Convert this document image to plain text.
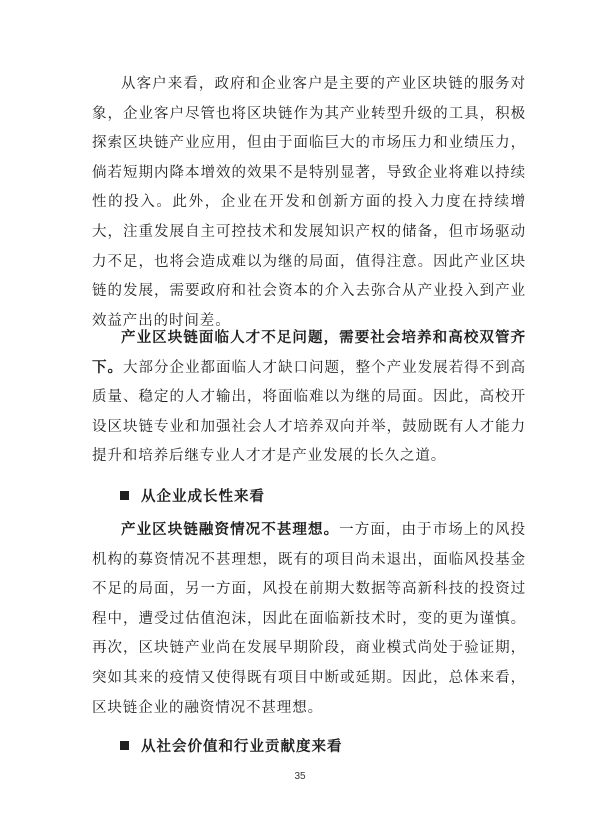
从客户来看，政府和企业客户是主要的产业区块链的服务对象，企业客户尽管也将区块链作为其产业转型升级的工具，积极探索区块链产业应用，但由于面临巨大的市场压力和业绩压力，倘若短期内降本增效的效果不是特别显著，导致企业将难以持续性的投入。此外，企业在开发和创新方面的投入力度在持续增大，注重发展自主可控技术和发展知识产权的储备，但市场驱动力不足，也将会造成难以为继的局面，值得注意。因此产业区块链的发展，需要政府和社会资本的介入去弥合从产业投入到产业效益产出的时间差。

产业区块链面临人才不足问题，需要社会培养和高校双管齐下。大部分企业都面临人才缺口问题，整个产业发展若得不到高质量、稳定的人才输出，将面临难以为继的局面。因此，高校开设区块链专业和加强社会人才培养双向并举，鼓励既有人才能力提升和培养后继专业人才才是产业发展的长久之道。

从企业成长性来看

产业区块链融资情况不甚理想。一方面，由于市场上的风投机构的募资情况不甚理想，既有的项目尚未退出，面临风投基金不足的局面，另一方面，风投在前期大数据等高新科技的投资过程中，遭受过估值泡沫，因此在面临新技术时，变的更为谨慎。再次，区块链产业尚在发展早期阶段，商业模式尚处于验证期，突如其来的疫情又使得既有项目中断或延期。因此，总体来看，区块链企业的融资情况不甚理想。

从社会价值和行业贡献度来看
35
